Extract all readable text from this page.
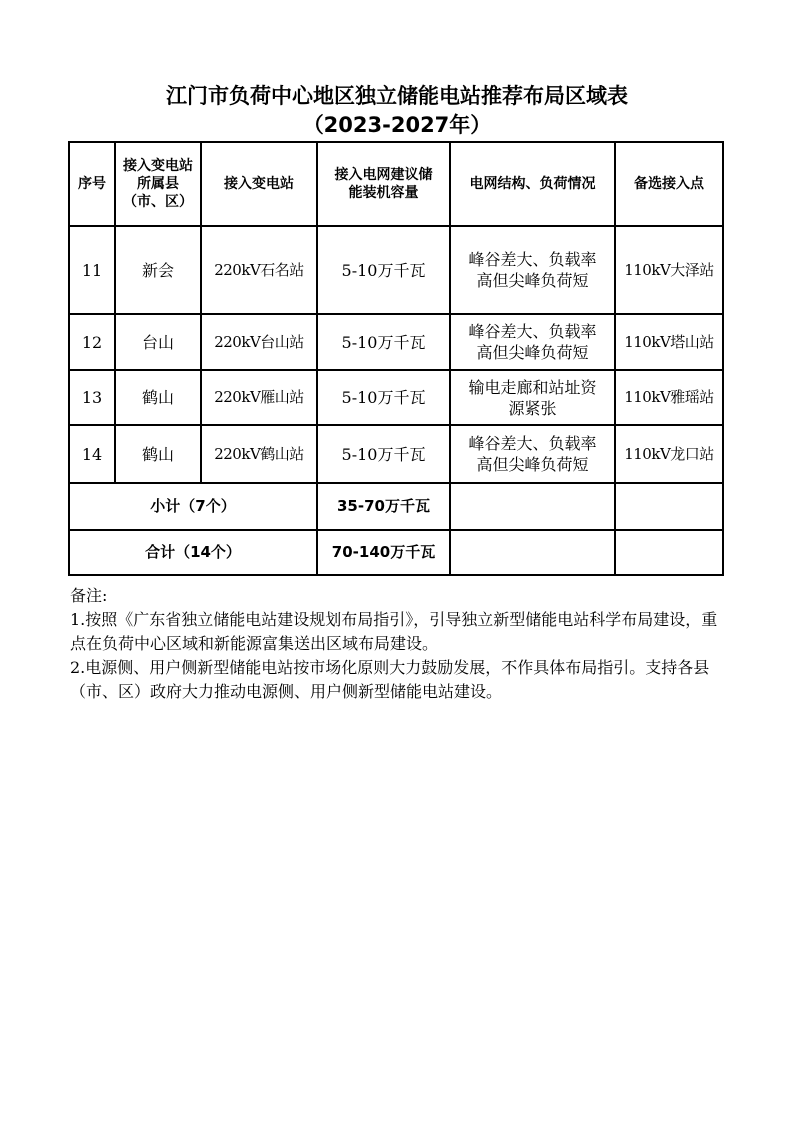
江门市负荷中心地区独立储能电站推荐布局区域表
（2023-2027年）
序号	接入变电站所属县（市、区）	接入变电站	接入电网建议储能装机容量	电网结构、负荷情况	备选接入点
11	新会	220kV石名站	5-10万千瓦	峰谷差大、负载率高但尖峰负荷短	110kV大泽站
12	台山	220kV台山站	5-10万千瓦	峰谷差大、负载率高但尖峰负荷短	110kV塔山站
13	鹤山	220kV雁山站	5-10万千瓦	输电走廊和站址资源紧张	110kV雅瑶站
14	鹤山	220kV鹤山站	5-10万千瓦	峰谷差大、负载率高但尖峰负荷短	110kV龙口站
小计（7个）			35-70万千瓦		
合计（14个）			70-140万千瓦		

备注:

1.按照《广东省独立储能电站建设规划布局指引》，引导独立新型储能电站科学布局建设，重点在负荷中心区域和新能源富集送出区域布局建设。

2.电源侧、用户侧新型储能电站按市场化原则大力鼓励发展，不作具体布局指引。支持各县（市、区）政府大力推动电源侧、用户侧新型储能电站建设。
